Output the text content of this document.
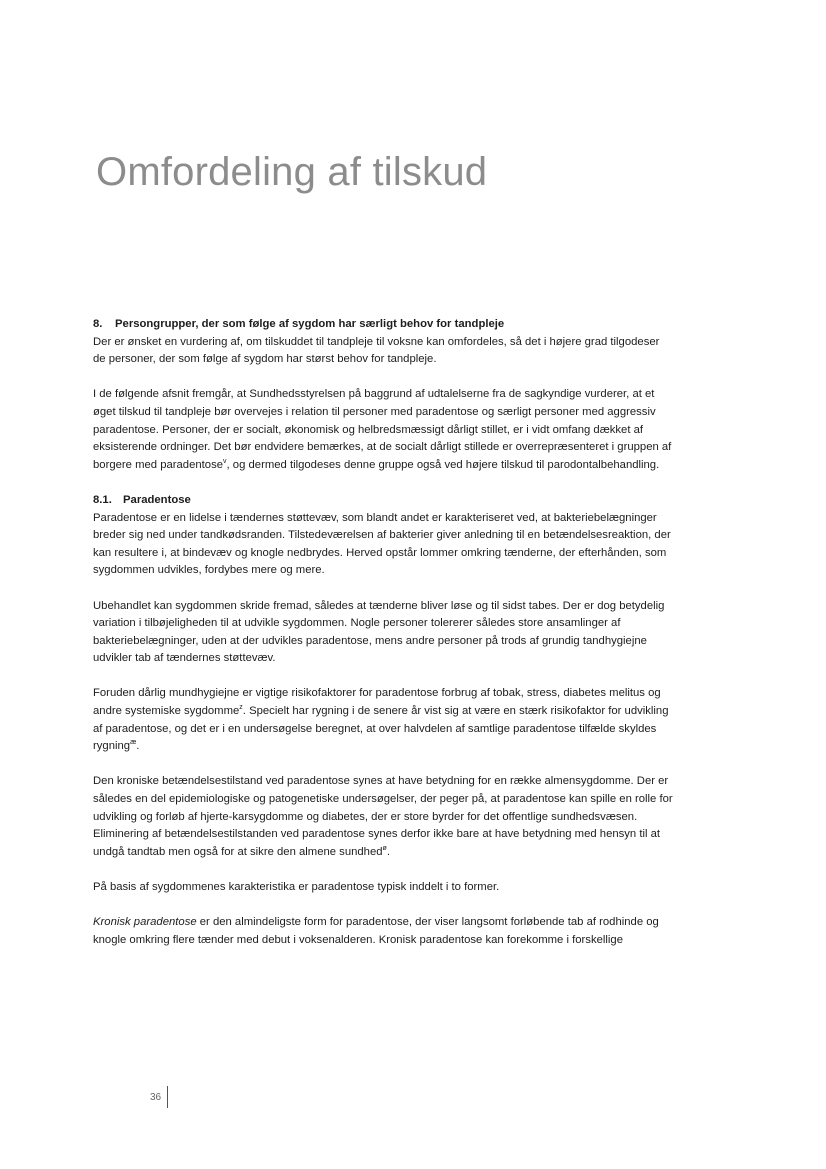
Omfordeling af tilskud
8. Persongrupper, der som følge af sygdom har særligt behov for tandpleje

Der er ønsket en vurdering af, om tilskuddet til tandpleje til voksne kan omfordeles, så det i højere grad tilgodeser de personer, der som følge af sygdom har størst behov for tandpleje.

I de følgende afsnit fremgår, at Sundhedsstyrelsen på baggrund af udtalelserne fra de sagkyndige vurderer, at et øget tilskud til tandpleje bør overvejes i relation til personer med paradentose og særligt personer med aggressiv paradentose. Personer, der er socialt, økonomisk og helbredsmæssigt dårligt stillet, er i vidt omfang dækket af eksisterende ordninger. Det bør endvidere bemærkes, at de socialt dårligt stillede er overrepræsenteret i gruppen af borgere med paradentose$^v$, og dermed tilgodeses denne gruppe også ved højere tilskud til parodontalbehandling.

8.1. Paradentose

Paradentose er en lidelse i tændernes støttevæv, som blandt andet er karakteriseret ved, at bakteriebelægninger breder sig ned under tandkødsranden. Tilstedeværelsen af bakterier giver anledning til en betændelsesreaktion, der kan resultere i, at bindevæv og knogle nedbrydes. Herved opstår lommer omkring tænderne, der efterhånden, som sygdommen udvikles, fordybes mere og mere.

Ubehandlet kan sygdommen skride fremad, således at tænderne bliver løse og til sidst tabes. Der er dog betydelig variation i tilbøjeligheden til at udvikle sygdommen. Nogle personer tolererer således store ansamlinger af bakteriebelægninger, uden at der udvikles paradentose, mens andre personer på trods af grundig tandhygiejne udvikler tab af tændernes støttevæv.

Foruden dårlig mundhygiejne er vigtige risikofaktorer for paradentose forbrug af tobak, stress, diabetes melitus og andre systemiske sygdomme$^z$. Specielt har rygning i de senere år vist sig at være en stærk risikofaktor for udvikling af paradentose, og det er i en undersøgelse beregnet, at over halvdelen af samtlige paradentose tilfælde skyldes rygning$^æ$.

Den kroniske betændelsestilstand ved paradentose synes at have betydning for en række almensygdomme. Der er således en del epidemiologiske og patogenetiske undersøgelser, der peger på, at paradentose kan spille en rolle for udvikling og forløb af hjerte-karsygdomme og diabetes, der er store byrder for det offentlige sundhedsvæsen. Eliminering af betændelsestilstanden ved paradentose synes derfor ikke bare at have betydning med hensyn til at undgå tandtab men også for at sikre den almene sundhed$^ø$.

På basis af sygdommenes karakteristika er paradentose typisk inddelt i to former.

Kronisk paradentose er den almindeligste form for paradentose, der viser langsomt forløbende tab af rodhinde og knogle omkring flere tænder med debut i voksenalderen. Kronisk paradentose kan forekomme i forskellige

36
